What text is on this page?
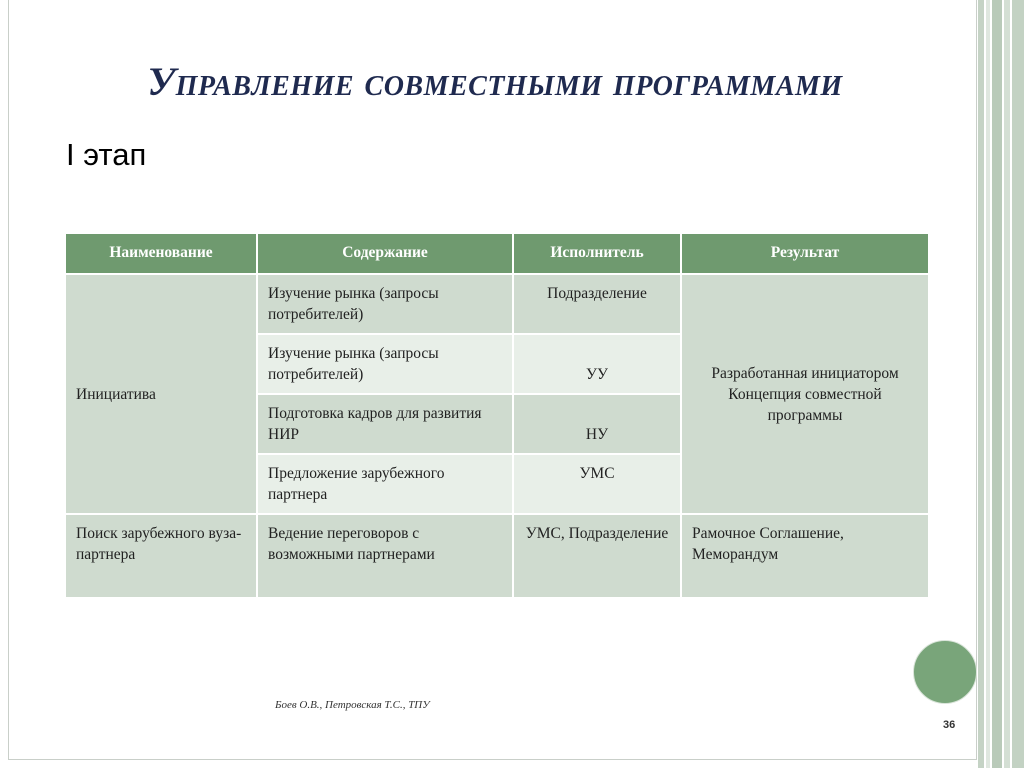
Управление совместными программами
I этап
Наименование	Содержание	Исполнитель	Результат
Инициатива	Изучение рынка (запросы потребителей)	Подразделение	Разработанная инициатором Концепция совместной программы
	Изучение рынка (запросы потребителей)	УУ	
	Подготовка кадров для развития НИР	НУ	
	Предложение зарубежного партнера	УМС	
Поиск зарубежного вуза-партнера	Ведение переговоров с возможными партнерами	УМС, Подразделение	Рамочное Соглашение, Меморандум
Боев О.В., Петровская Т.С., ТПУ
36
